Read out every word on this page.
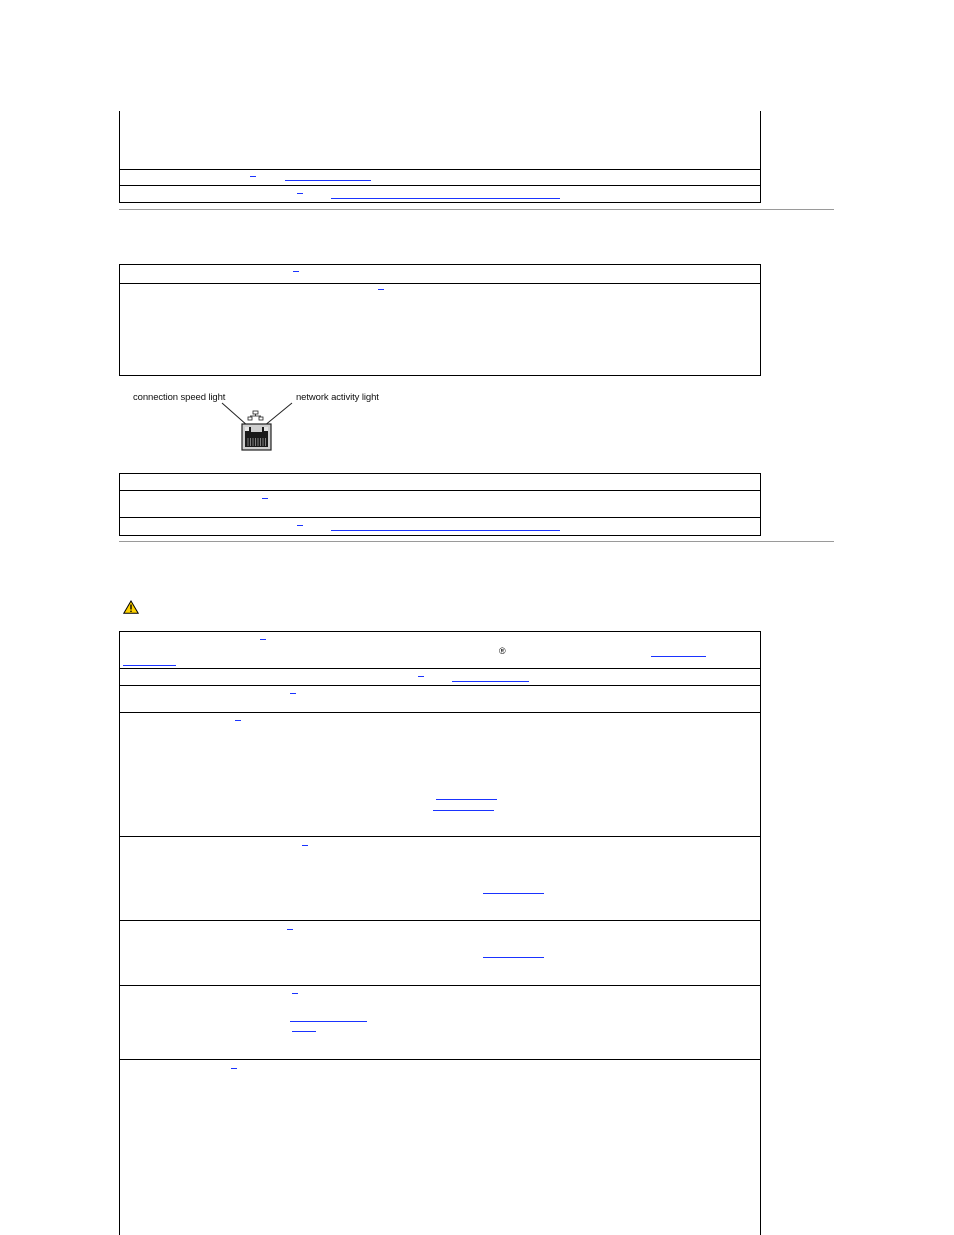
connection speed light	network activity light
®
